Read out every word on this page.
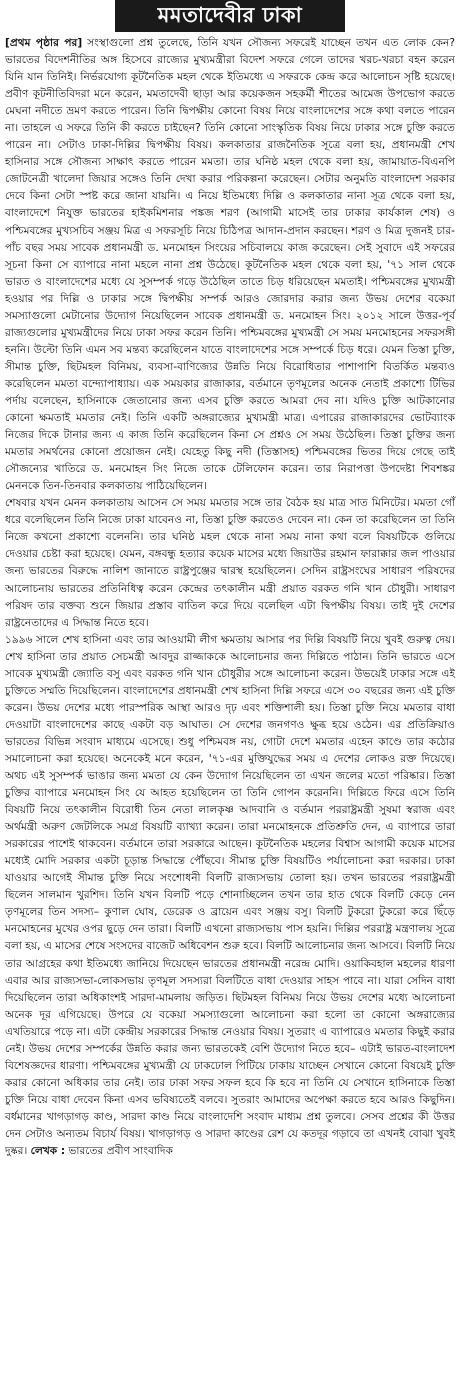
মমতাদেবীর ঢাকা

[প্রথম পৃষ্ঠার পর] সংস্থাগুলো প্রশ্ন তুলেছে, তিনি যখন সৌজন্য সফরেই যাচ্ছেন তখন এত লোক কেন? ভারতের বিদেশনীতির অঙ্গ হিসেবে রাজ্যের মুখ্যমন্ত্রীরা বিদেশ সফরে গেলে তাদের খরচ-খরচা বহন করেন যিনি যান তিনিই। নির্ভরযোগ্য কূটনৈতিক মহল থেকে ইতিমধ্যে এ সফরকে কেন্দ্র করে আলোচন সৃষ্টি হয়েছে। প্রবীণ কূটনীতিবিদরা মনে করেন, মমতাদেবী ছাড়া আর কয়েকজন সহকর্মী শীতের আমেজ উপভোগ করতে মেঘনা নদীতে ভ্রমণ করতে পারেন। তিনি দ্বিপক্ষীয় কোনো বিষয় নিয়ে বাংলাদেশের সঙ্গে কথা বলতে পারেন না। তাহলে এ সফরে তিনি কী করতে চাইছেন? তিনি কোনো সাংস্কৃতিক বিষয় নিয়ে ঢাকার সঙ্গে চুক্তি করতে পারেন না। সেটাও ঢাকা-দিল্লির দ্বিপক্ষীয় বিষয়। কলকাতার রাজনৈতিক সূত্রে বলা হয়, প্রধানমন্ত্রী শেখ হাসিনার সঙ্গে সৌজন্য সাক্ষাৎ করতে পারেন মমতা। তার ঘনিষ্ঠ মহল থেকে বলা হয়, জামায়াত-বিএনপি জোটনেত্রী খালেদা জিয়ার সঙ্গেও তিনি দেখা করার পরিকল্পনা করেছেন। সেটার অনুমতি বাংলাদেশ সরকার দেবে কিনা সেটা স্পষ্ট করে জানা যায়নি। এ নিয়ে ইতিমধ্যে দিল্লি ও কলকাতার নানা সূত্র থেকে বলা হয়, বাংলাদেশে নিযুক্ত ভারতের হাইকমিশনার পঙ্কজ শরণ (আগামী মাসেই তার ঢাকার কার্যকাল শেষ) ও পশ্চিমবঙ্গের মুখ্যসচিব সঞ্জয় মিত্র এ সফরসূচি নিয়ে চিঠিপত্র আদান-প্রদান করছেন। শরণ ও মিত্র দুজনই চার-পাঁচ বছর সময় সাবেক প্রধানমন্ত্রী ড. মনমোহন সিংয়ের সচিবালয়ে কাজ করেছেন। সেই সুবাদে এই সফরের সূচনা কিনা সে ব্যাপারে নানা মহলে নানা প্রশ্ন উঠেছে। কূটনৈতিক মহল থেকে বলা হয়, '৭১ সাল থেকে ভারত ও বাংলাদেশের মধ্যে যে সুসম্পর্ক গড়ে উঠেছিল তাতে চিড় ধরিয়েছেন মমতাই। পশ্চিমবঙ্গের মুখ্যমন্ত্রী হওয়ার পর দিল্লি ও ঢাকার সঙ্গে দ্বিপক্ষীয় সম্পর্ক আরও জোরদার করার জন্য উভয় দেশের বকেয়া সমস্যাগুলো মেটানোর উদ্যোগ নিয়েছিলেন সাবেক প্রধানমন্ত্রী ড. মনমোহন সিং। ২০১২ সালে উত্তর-পূর্ব রাজ্যগুলোর মুখ্যমন্ত্রীদের নিয়ে ঢাকা সফর করেন তিনি। পশ্চিমবঙ্গের মুখ্যমন্ত্রী সে সময় মনমোহনের সফরসঙ্গী হননি। উল্টো তিনি এমন সব মন্তব্য করেছিলেন যাতে বাংলাদেশের সঙ্গে সম্পর্কে চিড় ধরে। যেমন তিস্তা চুক্তি, সীমান্ত চুক্তি, ছিটমহল বিনিময়, ব্যবসা-বাণিজ্যের উন্নতি নিয়ে বিরোধিতার পাশাপাশি বিতর্কিত মন্তব্যও করেছিলেন মমতা বন্দ্যোপাধ্যায়। এক সময়কার রাজাকার, বর্তমানে তৃণমূলের অনেক নেতাই প্রকাশ্যে টিভির পর্দায় বলেছেন, হাসিনাকে জেতানোর জন্য এসব চুক্তি করতে আমরা দেব না। যদিও চুক্তি আটকানোর কোনো ক্ষমতাই মমতার নেই। তিনি একটি অঙ্গরাজ্যের মুখ্যমন্ত্রী মাত্র। এপারের রাজাকারদের ভোটব্যাংক নিজের দিকে টানার জন্য এ কাজ তিনি করেছিলেন কিনা সে প্রশ্নও সে সময় উঠেছিল। তিস্তা চুক্তির জন্য মমতার সমর্থনের কোনো প্রয়োজন নেই। যেহেতু কিছু নদী (তিস্তাসহ) পশ্চিমবঙ্গের ভিতর দিয়ে গেছে তাই সৌজন্যের খাতিরে ড. মনমোহন সিং নিজে তাকে টেলিফোন করেন। তার নিরাপত্তা উপদেষ্টা শিবশঙ্কর মেননকে তিন-তিনবার কলকাতায় পাঠিয়েছিলেন।

শেষবার যখন মেনন কলকাতায় আসেন সে সময় মমতার সঙ্গে তার বৈঠক হয় মাত্র সাত মিনিটের। মমতা গোঁ ধরে বলেছিলেন তিনি নিজে ঢাকা যাবেনও না, তিস্তা চুক্তি করতেও দেবেন না। কেন তা করেছিলেন তা তিনি নিজে কখনো প্রকাশ্যে বলেননি। তার ঘনিষ্ঠ মহল থেকে নানা সময় নানা কথা বলে বিষয়টিকে গুলিয়ে দেওয়ার চেষ্টা করা হয়েছে। যেমন, বঙ্গবন্ধু হত্যার কয়েক মাসের মধ্যে জিয়াউর রহমান ফারাক্কার জল পাওয়ার জন্য ভারতের বিরুদ্ধে নালিশ জানাতে রাষ্ট্রপুঞ্জের দ্বারস্থ হয়েছিলেন। সেদিন রাষ্ট্রসংঘের সাধারণ পরিষদের আলোচনায় ভারতের প্রতিনিধিত্ব করেন কেন্দ্রের তৎকালীন মন্ত্রী প্রয়াত বরকত গনি খান চৌধুরী। সাধারণ পরিষদ তার বক্তব্য শুনে জিয়ার প্রস্তাব বাতিল করে দিয়ে বলেছিল এটা দ্বিপক্ষীয় বিষয়। তাই দুই দেশের রাষ্ট্রনেতাদের এ সিদ্ধান্ত নিতে হবে।

১৯৯৬ সালে শেখ হাসিনা এবং তার আওয়ামী লীগ ক্ষমতায় আসার পর দিল্লি বিষয়টি নিয়ে খুবই গুরুত্ব দেয়। শেখ হাসিনা তার প্রয়াত সেচমন্ত্রী আবদুর রাজ্জাককে আলোচনার জন্য দিল্লিতে পাঠান। তিনি ভারতে এসে সাবেক মুখ্যমন্ত্রী জ্যোতি বসু এবং বরকত গনি খান চৌধুরীর সঙ্গে আলোচনা করেন। উভয়েই ঢাকার সঙ্গে এই চুক্তিতে সম্মতি দিয়েছিলেন। বাংলাদেশের প্রধানমন্ত্রী শেখ হাসিনা দিল্লি সফরে এসে ৩০ বছরের জন্য এই চুক্তি করেন। উভয় দেশের মধ্যে পারস্পরিক আস্থা আরও দৃঢ় এবং শক্তিশালী হয়। তিস্তা চুক্তি নিয়ে মমতার বাধা দেওয়াটা বাংলাদেশের কাছে একটা বড় আঘাত। সে দেশের জনগণও ক্ষুব্ধ হয়ে ওঠেন। এর প্রতিক্রিয়াও ভারতের বিভিন্ন সংবাদ মাধ্যমে এসেছে। শুধু পশ্চিমবঙ্গ নয়, গোটা দেশে মমতার এহেন কাণ্ডে তার কঠোর সমালোচনা করা হয়েছে। অনেকেই মনে করেন, '৭১-এর মুক্তিযুদ্ধের সময় এ দেশের লোকও রক্ত দিয়েছে। অথচ এই সুসম্পর্ক ভাঙার জন্য মমতা যে কেন উদ্যোগ নিয়েছিলেন তা এখন জলের মতো পরিষ্কার। তিস্তা চুক্তির ব্যাপারে মনমোহন সিং যে আহত হয়েছিলেন তা তিনি গোপন করেননি। দিল্লিতে ফিরে এসে তিনি বিষয়টি নিয়ে তৎকালীন বিরোধী তিন নেতা লালকৃষ্ণ আদবানি ও বর্তমান পররাষ্ট্রমন্ত্রী সুষমা স্বরাজ এবং অর্থমন্ত্রী অরুণ জেটলিকে সমগ্র বিষয়টি ব্যাখ্যা করেন। তারা মনমোহনকে প্রতিশ্রুতি দেন, এ ব্যাপারে তারা সরকারের পাশেই থাকবেন। বর্তমানে তারা সরকারে আছেন। কূটনৈতিক মহলের বিশ্বাস আগামী কয়েক মাসের মধ্যেই মোদি সরকার একটা চূড়ান্ত সিদ্ধান্তে পৌঁছবে। সীমান্ত চুক্তি বিষয়টিও পর্যালোচনা করা দরকার। ঢাকা যাওয়ার আগেই সীমান্ত চুক্তি নিয়ে সংশোধনী বিলটি রাজ্যসভায় তোলা হয়। তখন ভারতের পররাষ্ট্রমন্ত্রী ছিলেন সালমান খুরশিদ। তিনি যখন বিলটি পড়ে শোনাচ্ছিলেন তখন তার হাত থেকে বিলটি কেড়ে নেন তৃণমূলের তিন সদস্য– কুণাল ঘোষ, ডেরেক ও ব্রায়েন এবং সঞ্জয় বসু। বিলটি টুকরো টুকরো করে ছিঁড়ে মনমোহনের মুখের ওপর ছুড়ে দেন তারা। বিলটি এখনো রাজ্যসভায় পাস হয়নি। দিল্লির পররাষ্ট্র মন্ত্রণালয় সূত্রে বলা হয়, এ মাসের শেষে সংসদের বাজেট অধিবেশন শুরু হবে। বিলটি আলোচনার জন্য আসবে। বিলটি নিয়ে তার আগ্রহের কথা ইতিমধ্যে জানিয়ে দিয়েছেন ভারতের প্রধানমন্ত্রী নরেন্দ্র মোদি। ওয়াকিবহাল মহলের ধারণা এবার আর রাজ্যসভা-লোকসভায় তৃণমূল সদস্যরা বিলটিতে বাধা দেওয়ার সাহস পাবে না। যারা সেদিন বাধা দিয়েছিলেন তারা অধিকাংশই সারদা-মামলায় জড়িত। ছিটমহল বিনিময় নিয়ে উভয় দেশের মধ্যে আলোচনা অনেক দূর এগিয়েছে। উপরে যে বকেয়া সমস্যাগুলো আলোচনা করা হলো তা কোনো অঙ্গরাজ্যের এখতিয়ারে পড়ে না। এটা কেন্দ্রীয় সরকারের সিদ্ধান্ত নেওয়ার বিষয়। সুতরাং এ ব্যাপারেও মমতার কিছুই করার নেই। উভয় দেশের সম্পর্কের উন্নতি করার জন্য ভারতকেই বেশি উদ্যোগ নিতে হবে– এটাই ভারত-বাংলাদেশ বিশেষজ্ঞদের ধারণা। পশ্চিমবঙ্গের মুখ্যমন্ত্রী যে ঢাকঢোল পিটিয়ে ঢাকায় যাচ্ছেন সেখানে কোনো বিষয়েই চুক্তি করার কোনো অধিকার তার নেই। তার ঢাকা সফর সফল হবে কি হবে না তিনি যে সেখানে হাসিনাকে তিস্তা চুক্তি নিয়ে বাধা দেবেন কিনা এসব ভবিষ্যতেই বলবে। সুতরাং আমাদের অপেক্ষা করতে হবে আরও কিছুদিন। বর্ধমানের খাগড়াগড় কাণ্ড, সারদা কাণ্ড নিয়ে বাংলাদেশি সংবাদ মাধ্যম প্রশ্ন তুলবে। সেসব প্রশ্নের কী উত্তর দেন সেটাও অন্যতম বিচার্য বিষয়। খাগড়াগড় ও সারদা কাণ্ডের রেশ যে কতদূর গড়াবে তা এখনই বোঝা খুবই দুষ্কর। লেখক : ভারতের প্রবীণ সাংবাদিক
